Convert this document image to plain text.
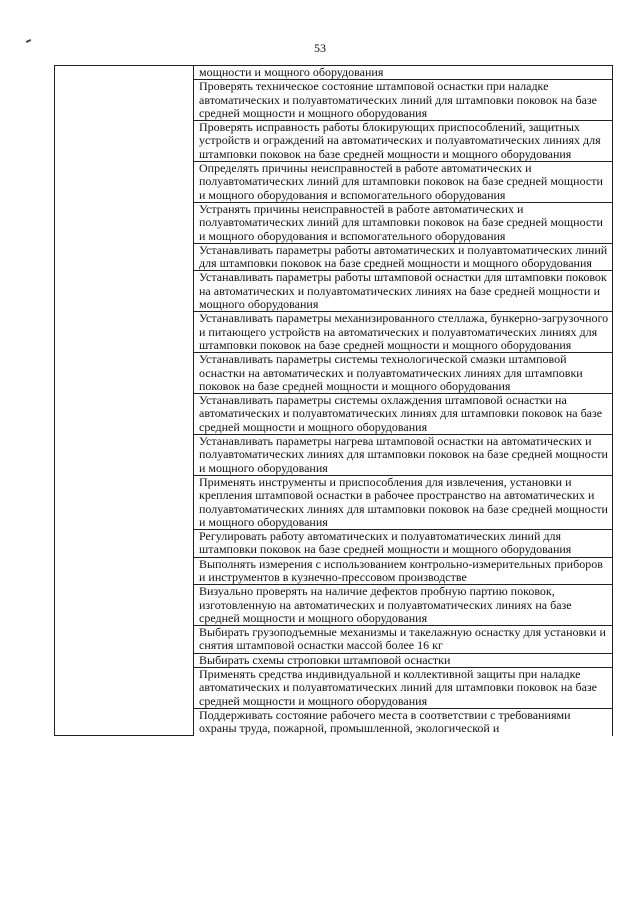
53
	мощности и мощного оборудования
Проверять техническое состояние штамповой оснастки при наладке автоматических и полуавтоматических линий для штамповки поковок на базе средней мощности и мощного оборудования
Проверять исправность работы блокирующих приспособлений, защитных устройств и ограждений на автоматических и полуавтоматических линиях для штамповки поковок на базе средней мощности и мощного оборудования
Определять причины неисправностей в работе автоматических и полуавтоматических линий для штамповки поковок на базе средней мощности и мощного оборудования и вспомогательного оборудования
Устранять причины неисправностей в работе автоматических и полуавтоматических линий для штамповки поковок на базе средней мощности и мощного оборудования и вспомогательного оборудования
Устанавливать параметры работы автоматических и полуавтоматических линий для штамповки поковок на базе средней мощности и мощного оборудования
Устанавливать параметры работы штамповой оснастки для штамповки поковок на автоматических и полуавтоматических линиях на базе средней мощности и мощного оборудования
Устанавливать параметры механизированного стеллажа, бункерно-загрузочного и питающего устройств на автоматических и полуавтоматических линиях для штамповки поковок на базе средней мощности и мощного оборудования
Устанавливать параметры системы технологической смазки штамповой оснастки на автоматических и полуавтоматических линиях для штамповки поковок на базе средней мощности и мощного оборудования
Устанавливать параметры системы охлаждения штамповой оснастки на автоматических и полуавтоматических линиях для штамповки поковок на базе средней мощности и мощного оборудования
Устанавливать параметры нагрева штамповой оснастки на автоматических и полуавтоматических линиях для штамповки поковок на базе средней мощности и мощного оборудования
Применять инструменты и приспособления для извлечения, установки и крепления штамповой оснастки в рабочее пространство на автоматических и полуавтоматических линиях для штамповки поковок на базе средней мощности и мощного оборудования
Регулировать работу автоматических и полуавтоматических линий для штамповки поковок на базе средней мощности и мощного оборудования
Выполнять измерения с использованием контрольно-измерительных приборов и инструментов в кузнечно-прессовом производстве
Визуально проверять на наличие дефектов пробную партию поковок, изготовленную на автоматических и полуавтоматических линиях на базе средней мощности и мощного оборудования
Выбирать грузоподъемные механизмы и такелажную оснастку для установки и снятия штамповой оснастки массой более 16 кг
Выбирать схемы строповки штамповой оснастки
Применять средства индивидуальной и коллективной защиты при наладке автоматических и полуавтоматических линий для штамповки поковок на базе средней мощности и мощного оборудования
Поддерживать состояние рабочего места в соответствии с требованиями охраны труда, пожарной, промышленной, экологической и
